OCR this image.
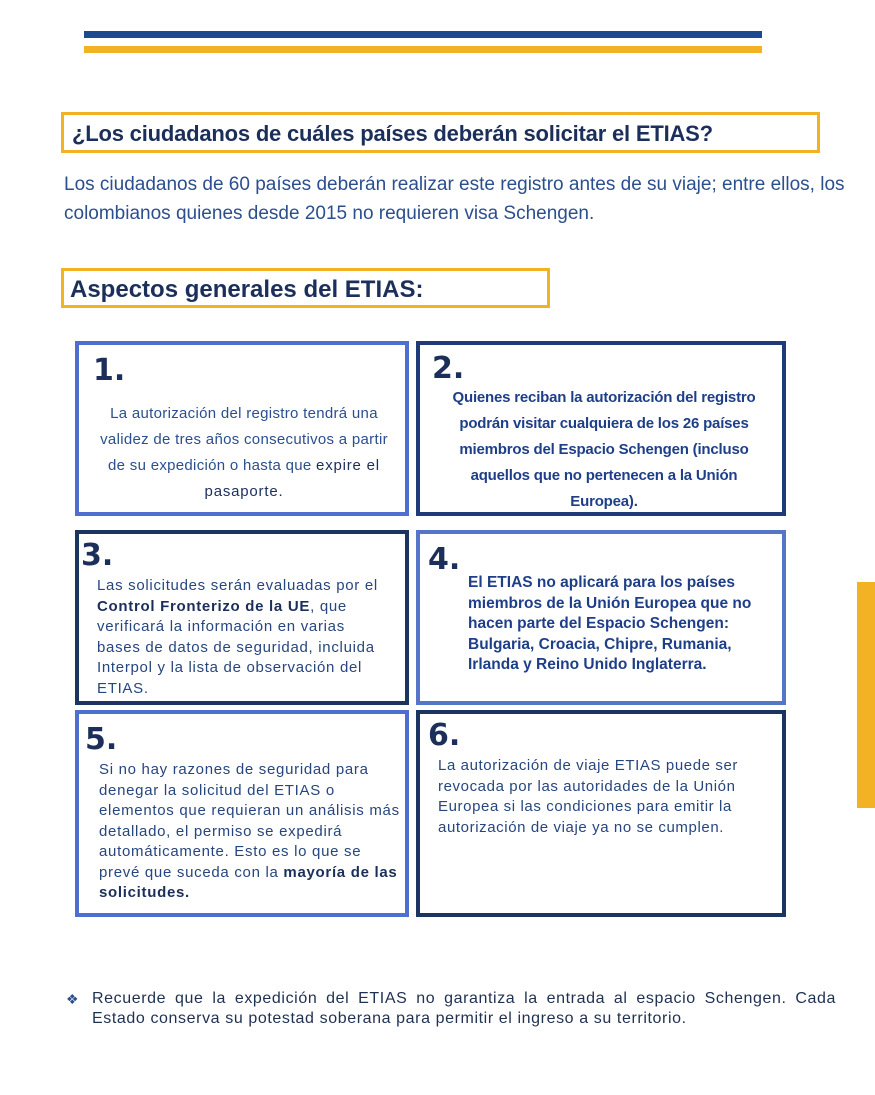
¿Los ciudadanos de cuáles países deberán solicitar el ETIAS?
Los ciudadanos de 60 países deberán realizar este registro antes de su viaje; entre ellos, los colombianos quienes desde 2015 no requieren visa Schengen.
Aspectos generales del ETIAS:
1.
La autorización del registro tendrá una validez de tres años consecutivos a partir de su expedición o hasta que expire el pasaporte.
2.
Quienes reciban la autorización del registro podrán visitar cualquiera de los 26 países miembros del Espacio Schengen (incluso aquellos que no pertenecen a la Unión Europea).
3.
Las solicitudes serán evaluadas por el Control Fronterizo de la UE, que verificará la información en varias bases de datos de seguridad, incluida Interpol y la lista de observación del ETIAS.
4.
El ETIAS no aplicará para los países miembros de la Unión Europea que no hacen parte del Espacio Schengen: Bulgaria, Croacia, Chipre, Rumania, Irlanda y Reino Unido Inglaterra.
5.
Si no hay razones de seguridad para denegar la solicitud del ETIAS o elementos que requieran un análisis más detallado, el permiso se expedirá automáticamente. Esto es lo que se prevé que suceda con la mayoría de las solicitudes.
6.
La autorización de viaje ETIAS puede ser revocada por las autoridades de la Unión Europea si las condiciones para emitir la autorización de viaje ya no se cumplen.
❖ Recuerde que la expedición del ETIAS no garantiza la entrada al espacio Schengen. Cada Estado conserva su potestad soberana para permitir el ingreso a su territorio.
